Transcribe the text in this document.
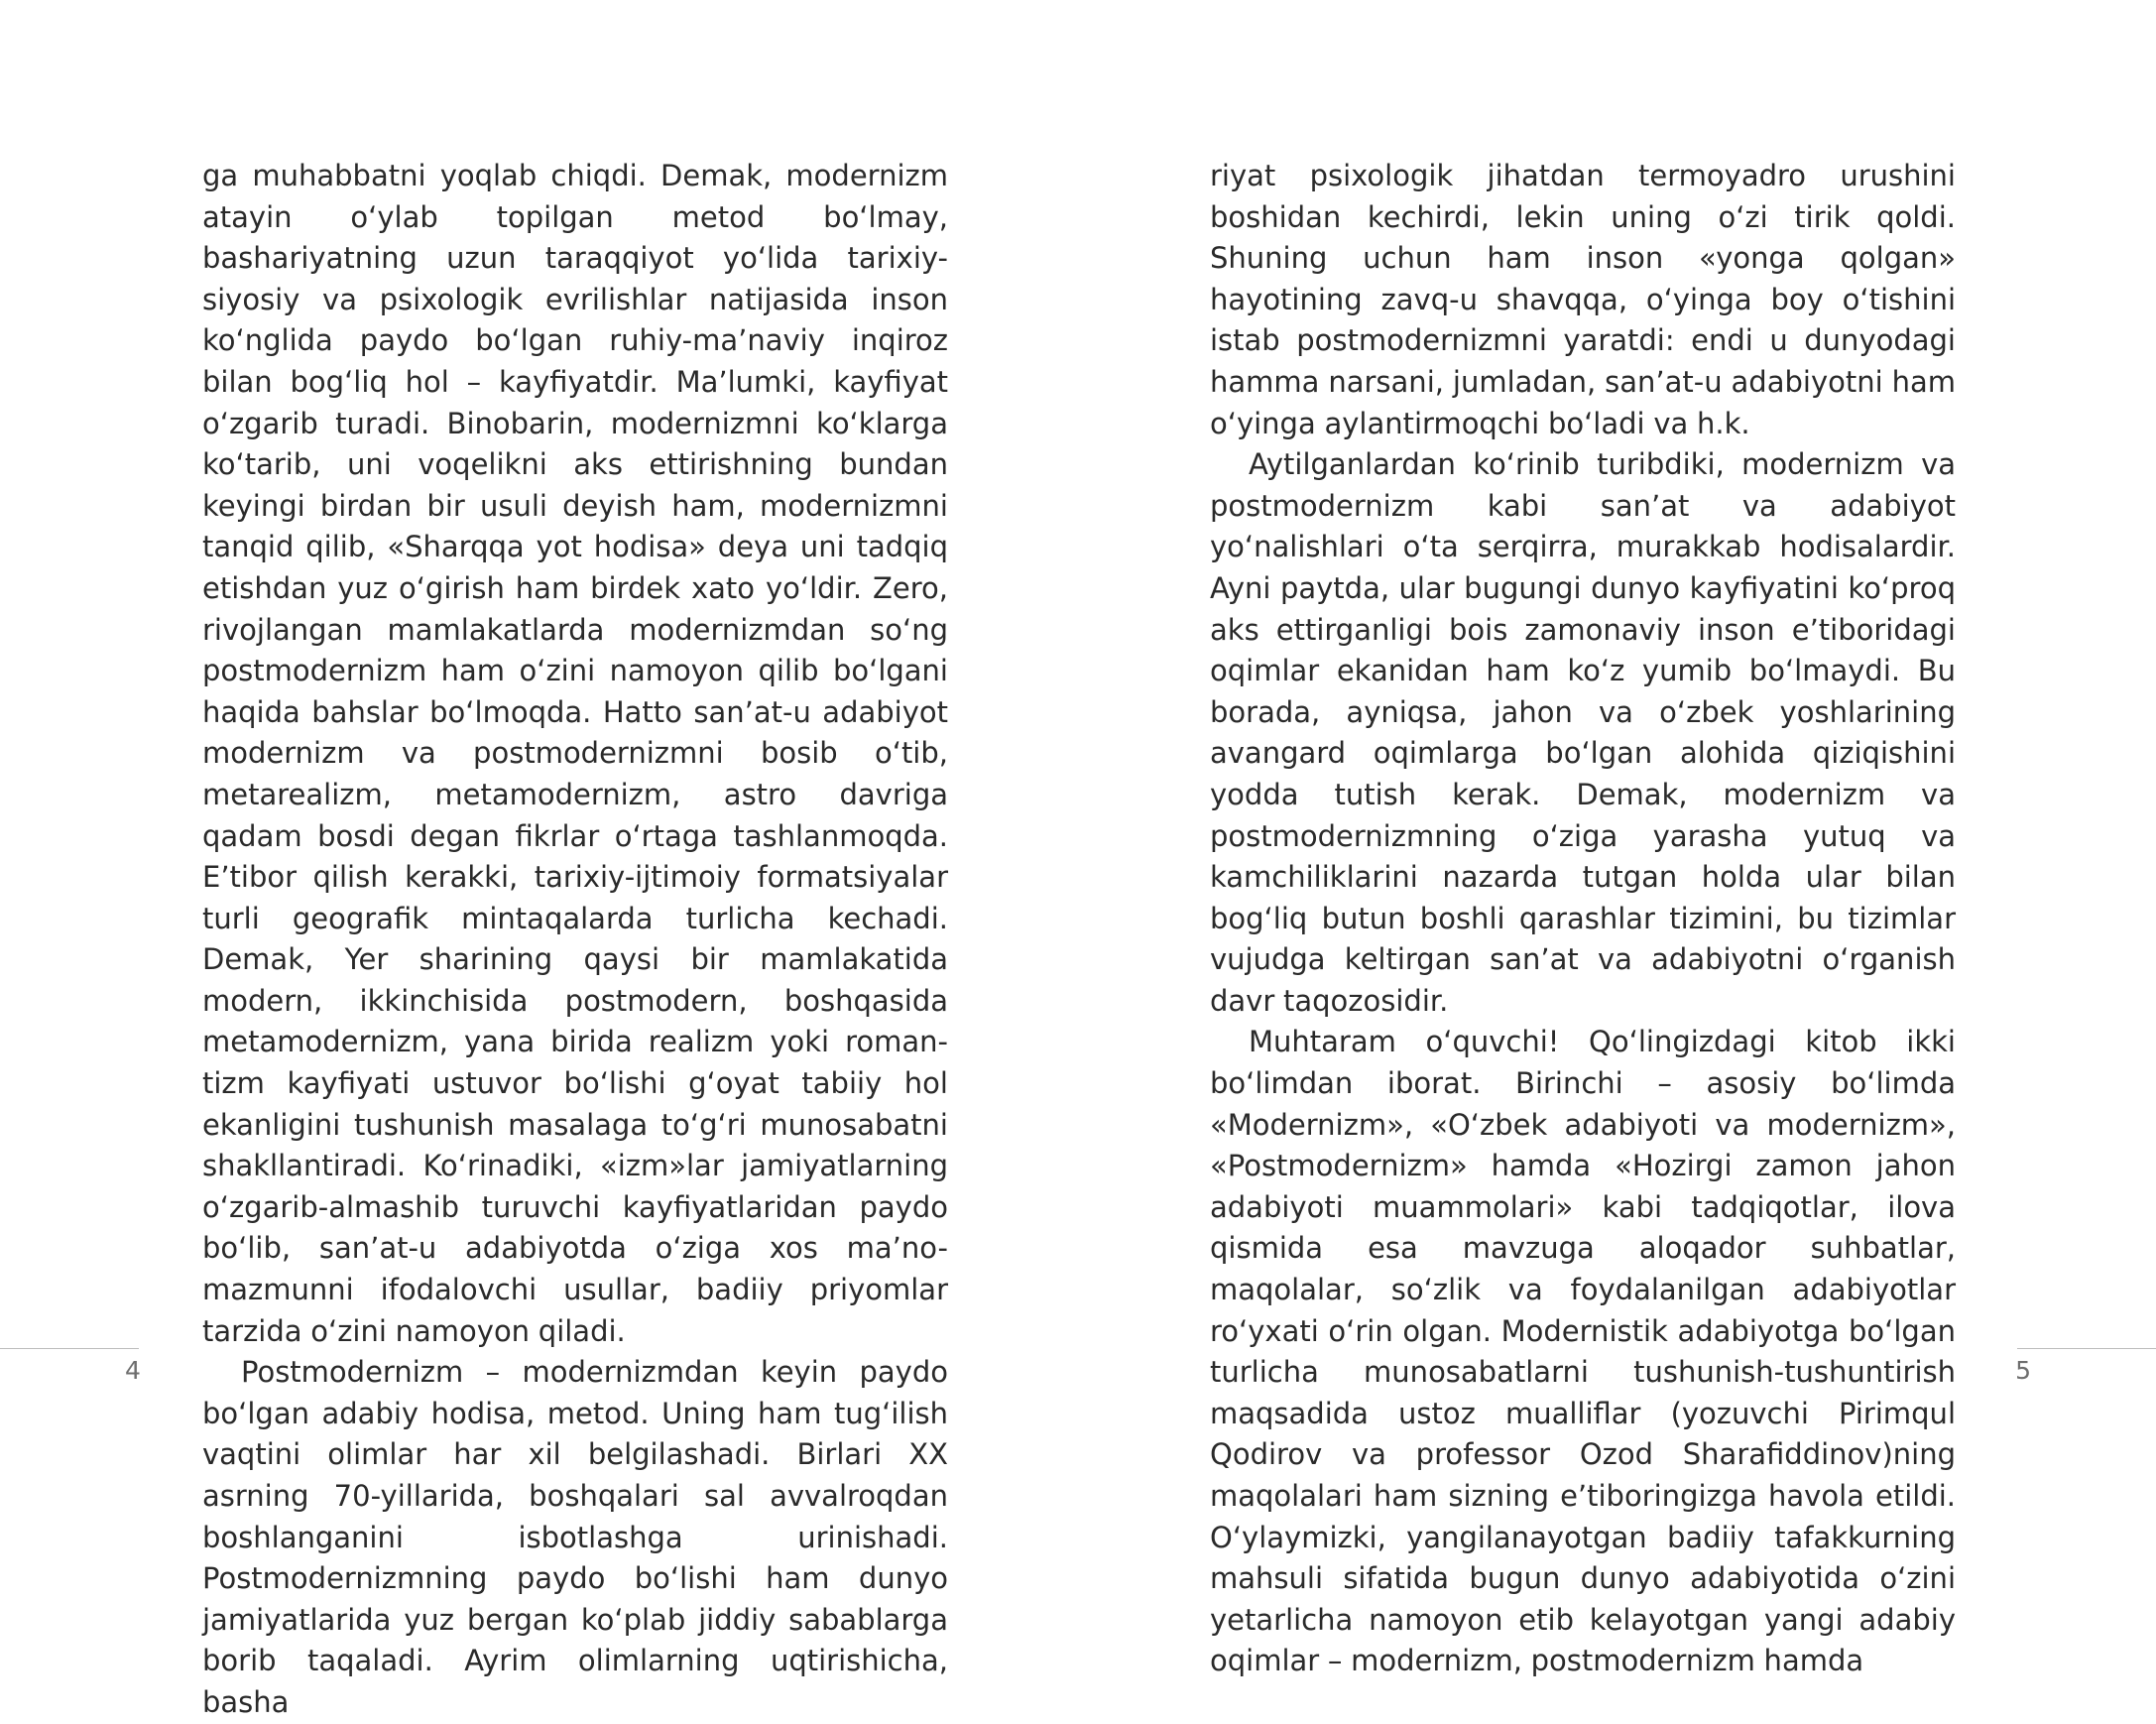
ga muhabbatni yoqlab chiqdi. Demak, modernizm atayin o‘ylab topilgan metod bo‘lmay, bashariyatning uzun taraqqiyot yo‘lida tarixiy-siyosiy va psixologik evrilishlar natijasida inson ko‘nglida paydo bo‘lgan ruhiy-ma’naviy inqiroz bilan bog‘liq hol – kayfiyatdir. Ma’lumki, kayfiyat o‘zgarib turadi. Binobarin, modernizmni ko‘klarga ko‘tarib, uni voqelikni aks ettirishning bundan keyingi birdan bir usuli deyish ham, modernizmni tanqid qilib, «Sharqqa yot hodisa» deya uni tadqiq etishdan yuz o‘girish ham birdek xato yo‘ldir. Zero, rivojlangan mamlakatlarda modernizmdan so‘ng postmodernizm ham o‘zini namoyon qilib bo‘lgani haqida bahslar bo‘lmoqda. Hatto san’at-u adabiyot modernizm va postmodernizmni bosib o‘tib, metarealizm, metamodernizm, astro davriga qadam bosdi degan fikrlar o‘rtaga tashlanmoqda. E’tibor qilish kerakki, tarixiy-ijtimoiy formatsiyalar turli geografik mintaqalarda turlicha kechadi. Demak, Yer sharining qaysi bir mamlakatida modern, ikkinchisida postmodern, boshqasida metamodernizm, yana birida realizm yoki romantizm kayfiyati ustuvor bo‘lishi g‘oyat tabiiy hol ekanligini tushunish masalaga to‘g‘ri munosabatni shakllantiradi. Ko‘rinadiki, «izm»lar jamiyatlarning o‘zgarib-almashib turuvchi kayfiyatlaridan paydo bo‘lib, san’at-u adabiyotda o‘ziga xos ma’no-mazmunni ifodalovchi usullar, badiiy priyomlar tarzida o‘zini namoyon qiladi.

Postmodernizm – modernizmdan keyin paydo bo‘lgan adabiy hodisa, metod. Uning ham tug‘ilish vaqtini olimlar har xil belgilashadi. Birlari XX asrning 70-yillarida, boshqalari sal avvalroqdan boshlanganini isbotlashga urinishadi. Postmodernizmning paydo bo‘lishi ham dunyo jamiyatlarida yuz bergan ko‘plab jiddiy sabablarga borib taqaladi. Ayrim olimlarning uqtirishicha, basha

4

riyat psixologik jihatdan termoyadro urushini boshidan kechirdi, lekin uning o‘zi tirik qoldi. Shuning uchun ham inson «yonga qolgan» hayotining zavq-u shavqqa, o‘yinga boy o‘tishini istab postmodernizmni yaratdi: endi u dunyodagi hamma narsani, jumladan, san’at-u adabiyotni ham o‘yinga aylantirmoqchi bo‘ladi va h.k.

Aytilganlardan ko‘rinib turibdiki, modernizm va postmodernizm kabi san’at va adabiyot yo‘nalishlari o‘ta serqirra, murakkab hodisalardir. Ayni paytda, ular bugungi dunyo kayfiyatini ko‘proq aks ettirganligi bois zamonaviy inson e’tiboridagi oqimlar ekanidan ham ko‘z yumib bo‘lmaydi. Bu borada, ayniqsa, jahon va o‘zbek yoshlarining avangard oqimlarga bo‘lgan alohida qiziqishini yodda tutish kerak. Demak, modernizm va postmodernizmning o‘ziga yarasha yutuq va kamchiliklarini nazarda tutgan holda ular bilan bog‘liq butun boshli qarashlar tizimini, bu tizimlar vujudga keltirgan san’at va adabiyotni o‘rganish davr taqozosidir.

Muhtaram o‘quvchi! Qo‘lingizdagi kitob ikki bo‘limdan iborat. Birinchi – asosiy bo‘limda «Modernizm», «O‘zbek adabiyoti va modernizm», «Postmodernizm» hamda «Hozirgi zamon jahon adabiyoti muammolari» kabi tadqiqotlar, ilova qismida esa mavzuga aloqador suhbatlar, maqolalar, so‘zlik va foydalanilgan adabiyotlar ro‘yxati o‘rin olgan. Modernistik adabiyotga bo‘lgan turlicha munosabatlarni tushunish-tushuntirish maqsadida ustoz mualliflar (yozuvchi Pirimqul Qodirov va professor Ozod Sharafiddinov)ning maqolalari ham sizning e’tiboringizga havola etildi. O‘ylaymizki, yangilanayotgan badiiy tafakkurning mahsuli sifatida bugun dunyo adabiyotida o‘zini yetarlicha namoyon etib kelayotgan yangi adabiy oqimlar – modernizm, postmodernizm hamda

5
